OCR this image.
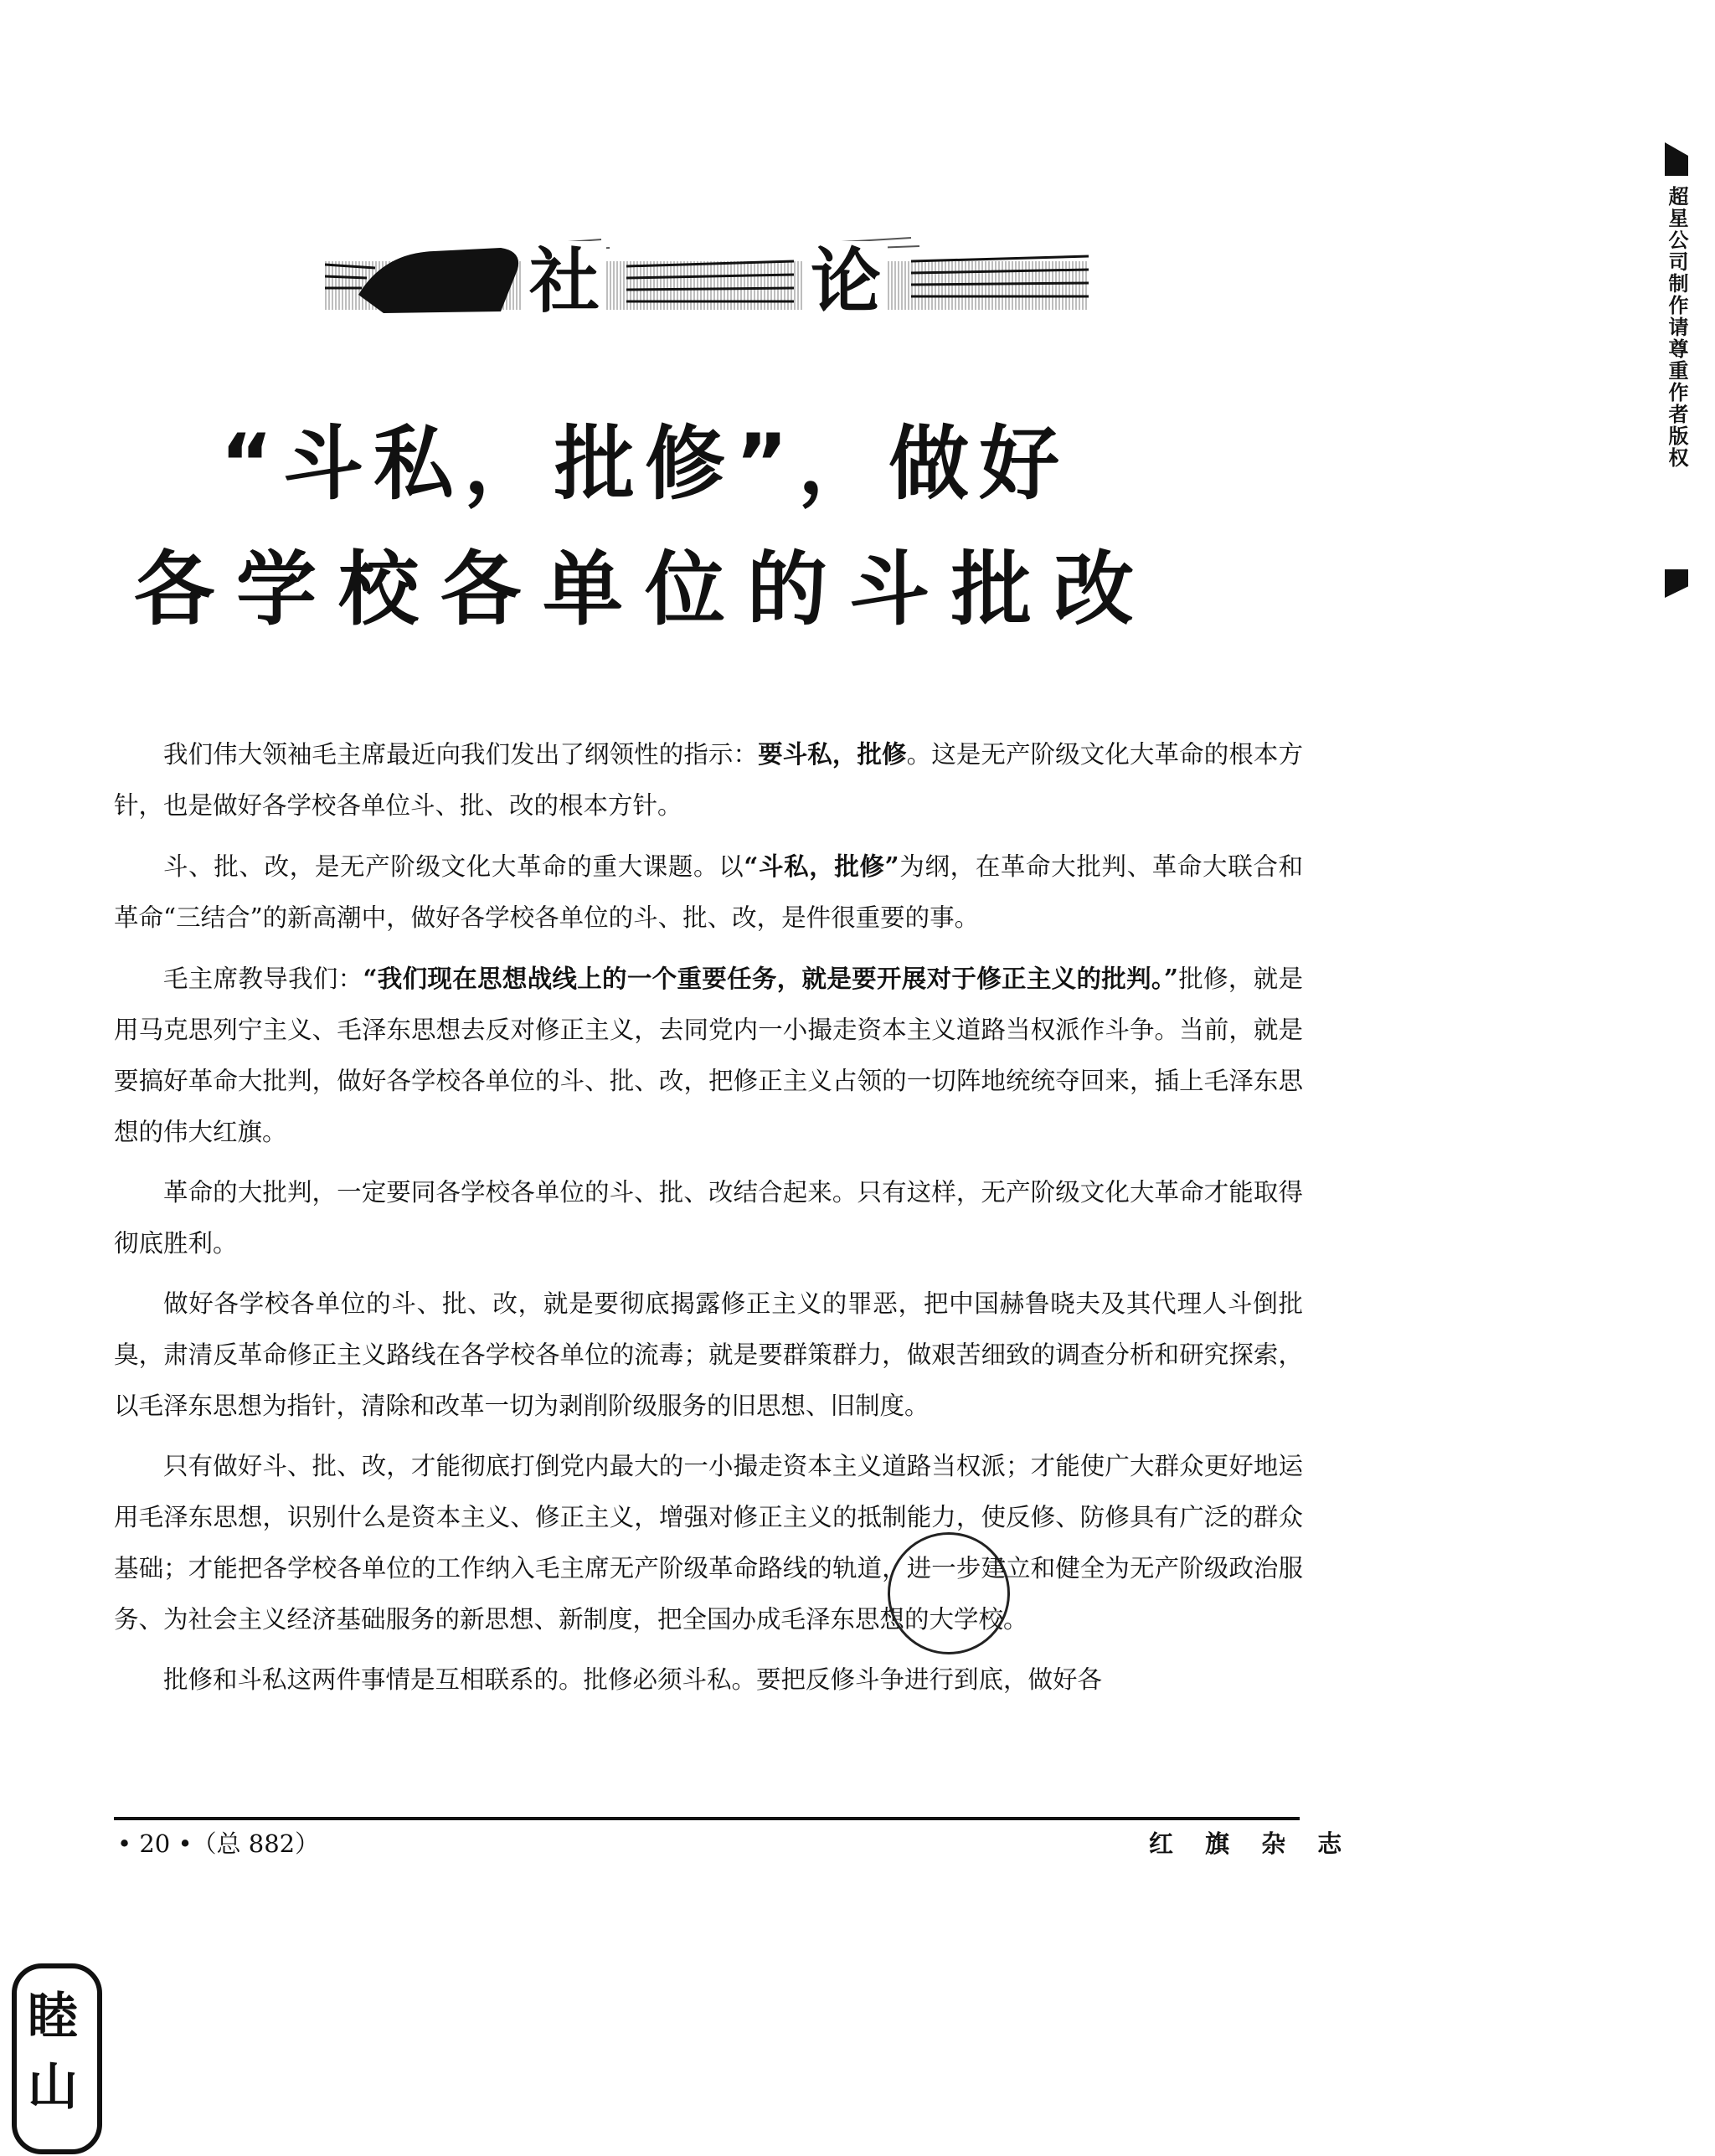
超星公司制作请尊重作者版权
社	论
“斗私，批修”，做好
各学校各单位的斗批改

我们伟大领袖毛主席最近向我们发出了纲领性的指示：要斗私，批修。这是无产阶级文化大革命的根本方针，也是做好各学校各单位斗、批、改的根本方针。

斗、批、改，是无产阶级文化大革命的重大课题。以“斗私，批修”为纲，在革命大批判、革命大联合和革命“三结合”的新高潮中，做好各学校各单位的斗、批、改，是件很重要的事。

毛主席教导我们：“我们现在思想战线上的一个重要任务，就是要开展对于修正主义的批判。”批修，就是用马克思列宁主义、毛泽东思想去反对修正主义，去同党内一小撮走资本主义道路当权派作斗争。当前，就是要搞好革命大批判，做好各学校各单位的斗、批、改，把修正主义占领的一切阵地统统夺回来，插上毛泽东思想的伟大红旗。

革命的大批判，一定要同各学校各单位的斗、批、改结合起来。只有这样，无产阶级文化大革命才能取得彻底胜利。

做好各学校各单位的斗、批、改，就是要彻底揭露修正主义的罪恶，把中国赫鲁晓夫及其代理人斗倒批臭，肃清反革命修正主义路线在各学校各单位的流毒；就是要群策群力，做艰苦细致的调查分析和研究探索，以毛泽东思想为指针，清除和改革一切为剥削阶级服务的旧思想、旧制度。

只有做好斗、批、改，才能彻底打倒党内最大的一小撮走资本主义道路当权派；才能使广大群众更好地运用毛泽东思想，识别什么是资本主义、修正主义，增强对修正主义的抵制能力，使反修、防修具有广泛的群众基础；才能把各学校各单位的工作纳入毛主席无产阶级革命路线的轨道，进一步建立和健全为无产阶级政治服务、为社会主义经济基础服务的新思想、新制度，把全国办成毛泽东思想的大学校。

批修和斗私这两件事情是互相联系的。批修必须斗私。要把反修斗争进行到底，做好各

• 20 •（总 882）	红 旗 杂 志
睦山
